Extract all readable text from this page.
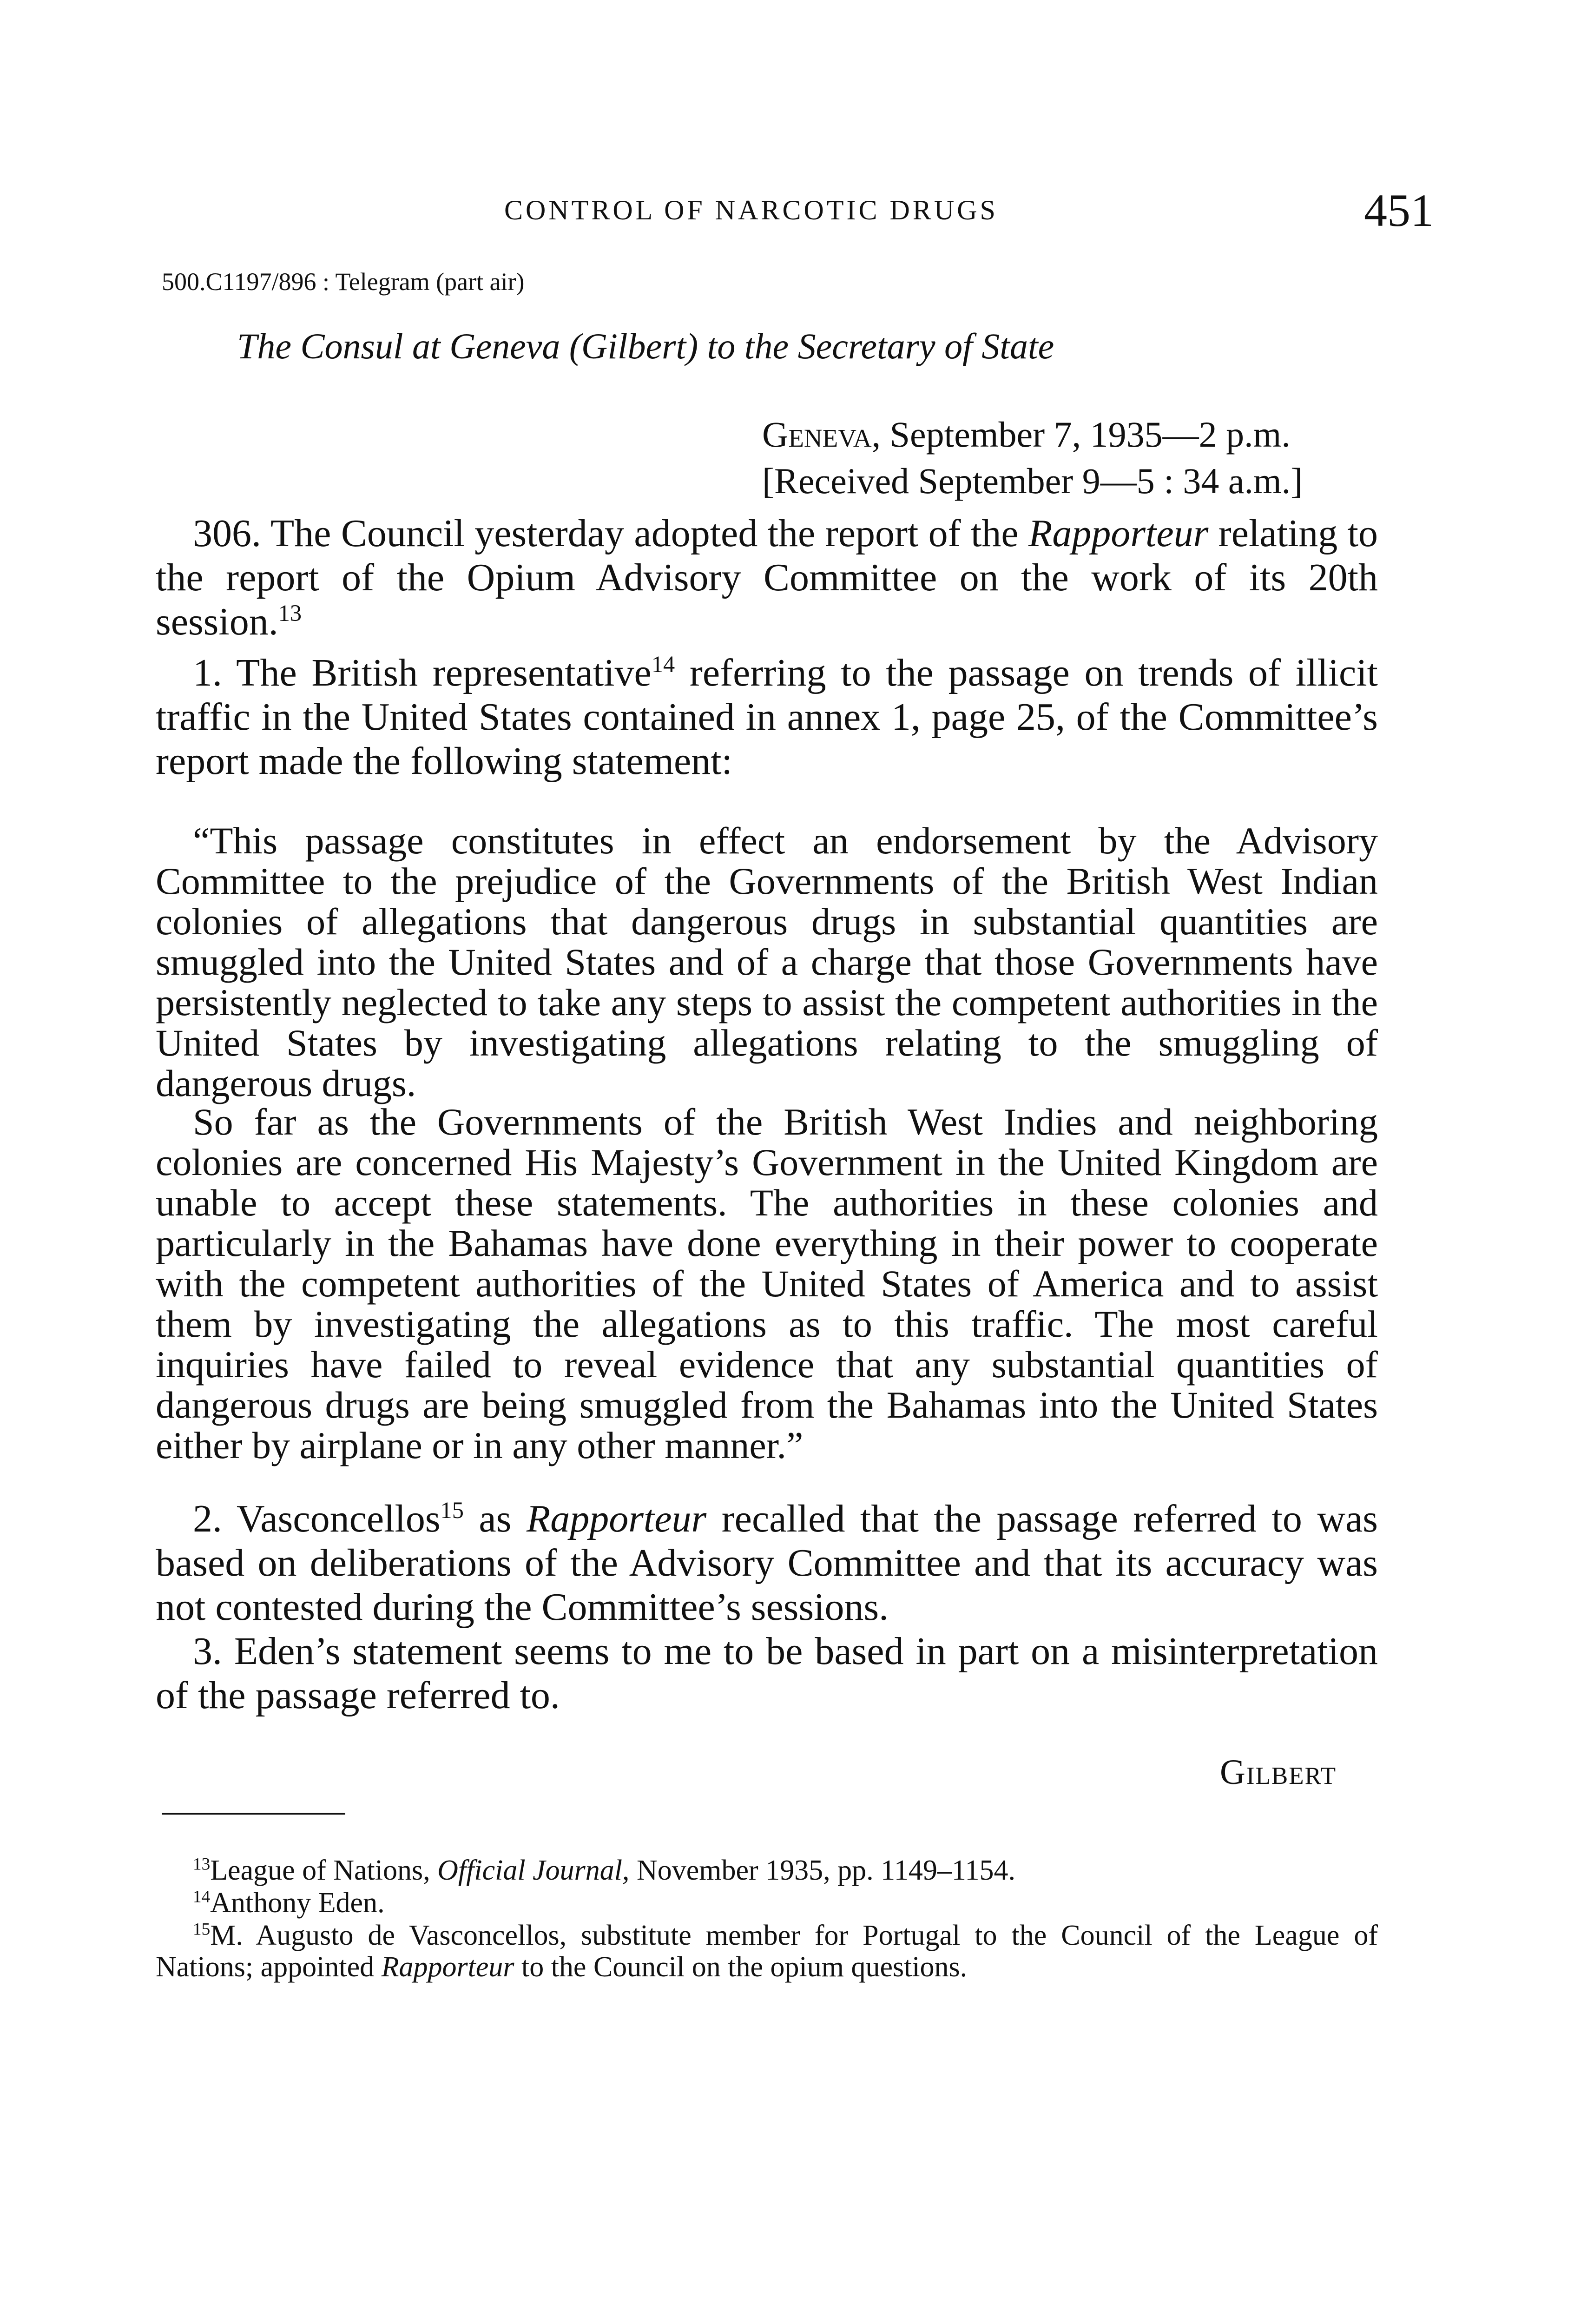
CONTROL OF NARCOTIC DRUGS	451
500.C1197/896 : Telegram (part air)
The Consul at Geneva (Gilbert) to the Secretary of State
Geneva, September 7, 1935—2 p.m.
[Received September 9—5 : 34 a.m.]
306. The Council yesterday adopted the report of the Rapporteur relating to the report of the Opium Advisory Committee on the work of its 20th session.$^{13}$
1. The British representative$^{14}$ referring to the passage on trends of illicit traffic in the United States contained in annex 1, page 25, of the Committee’s report made the following statement:
“This passage constitutes in effect an endorsement by the Advisory Committee to the prejudice of the Governments of the British West Indian colonies of allegations that dangerous drugs in substantial quantities are smuggled into the United States and of a charge that those Governments have persistently neglected to take any steps to assist the competent authorities in the United States by investigating allegations relating to the smuggling of dangerous drugs.
So far as the Governments of the British West Indies and neighboring colonies are concerned His Majesty’s Government in the United Kingdom are unable to accept these statements. The authorities in these colonies and particularly in the Bahamas have done everything in their power to cooperate with the competent authorities of the United States of America and to assist them by investigating the allegations as to this traffic. The most careful inquiries have failed to reveal evidence that any substantial quantities of dangerous drugs are being smuggled from the Bahamas into the United States either by airplane or in any other manner.”
2. Vasconcellos$^{15}$ as Rapporteur recalled that the passage referred to was based on deliberations of the Advisory Committee and that its accuracy was not contested during the Committee’s sessions.
3. Eden’s statement seems to me to be based in part on a misinterpretation of the passage referred to.
Gilbert
$^{13}$League of Nations, Official Journal, November 1935, pp. 1149–1154.
$^{14}$Anthony Eden.
$^{15}$M. Augusto de Vasconcellos, substitute member for Portugal to the Council of the League of Nations; appointed Rapporteur to the Council on the opium questions.
